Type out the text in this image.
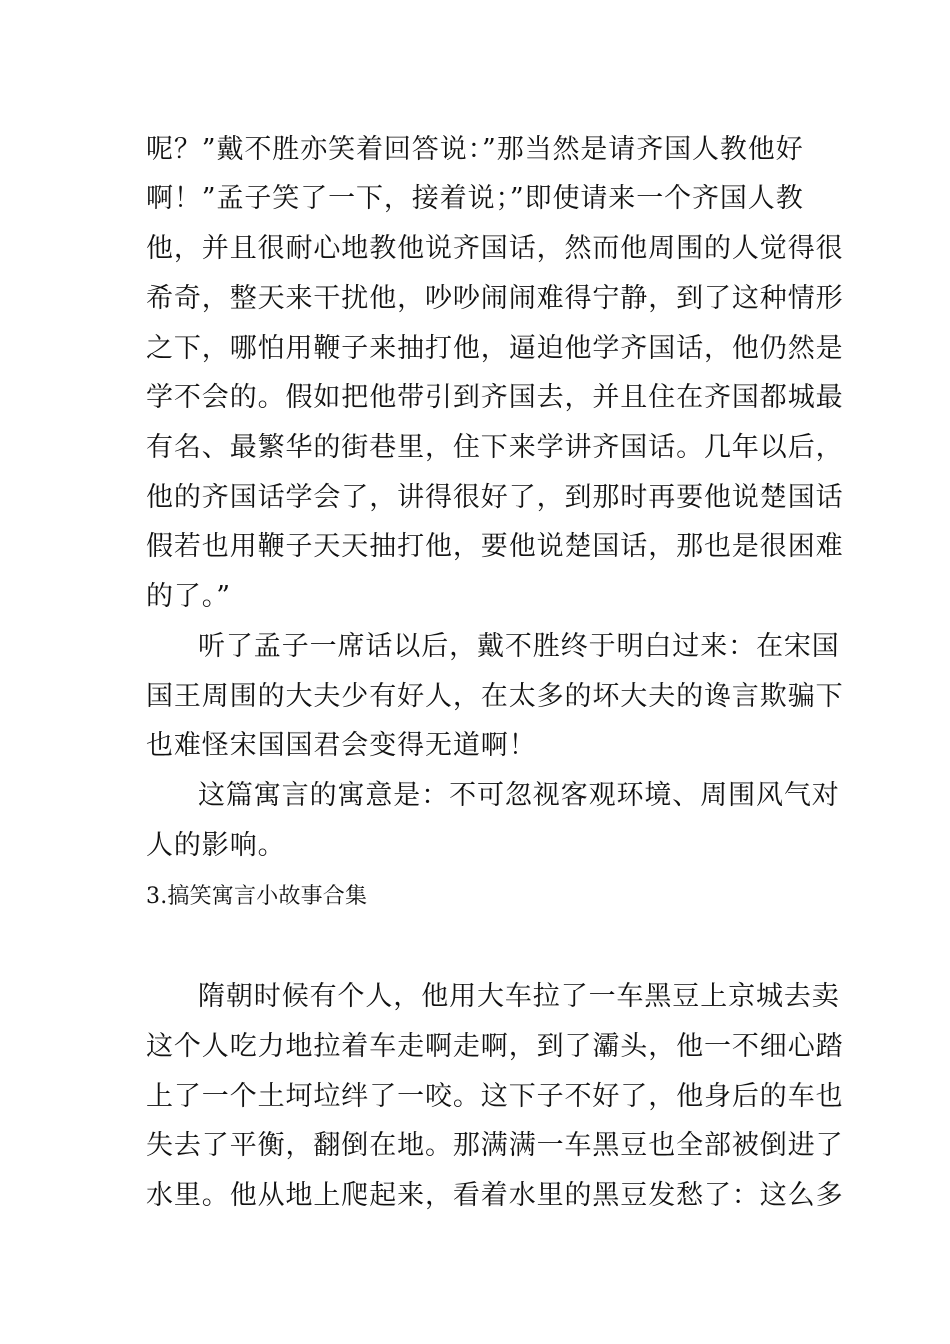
呢？”戴不胜亦笑着回答说：”那当然是请齐国人教他好
啊！”孟子笑了一下，接着说；”即使请来一个齐国人教
他，并且很耐心地教他说齐国话，然而他周围的人觉得很
希奇，整天来干扰他，吵吵闹闹难得宁静，到了这种情形
之下，哪怕用鞭子来抽打他，逼迫他学齐国话，他仍然是
学不会的。假如把他带引到齐国去，并且住在齐国都城最
有名、最繁华的街巷里，住下来学讲齐国话。几年以后，
他的齐国话学会了，讲得很好了，到那时再要他说楚国话
假若也用鞭子天天抽打他，要他说楚国话，那也是很困难
的了。”
听了孟子一席话以后，戴不胜终于明白过来：在宋国
国王周围的大夫少有好人，在太多的坏大夫的谗言欺骗下
也难怪宋国国君会变得无道啊！
这篇寓言的寓意是：不可忽视客观环境、周围风气对
人的影响。
3.搞笑寓言小故事合集
隋朝时候有个人，他用大车拉了一车黑豆上京城去卖
这个人吃力地拉着车走啊走啊，到了灞头，他一不细心踏
上了一个土坷垃绊了一咬。这下子不好了，他身后的车也
失去了平衡，翻倒在地。那满满一车黑豆也全部被倒进了
水里。他从地上爬起来，看着水里的黑豆发愁了：这么多
